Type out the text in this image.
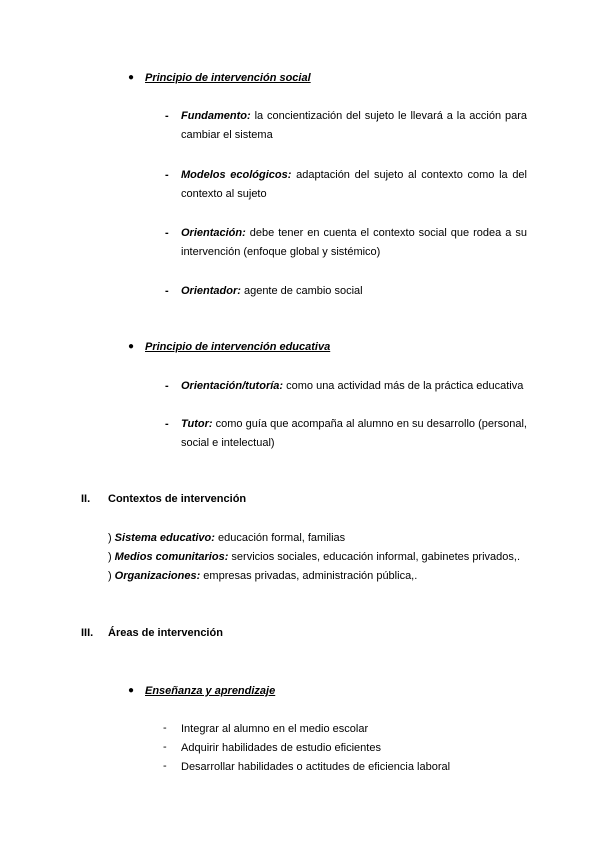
● Principio de intervención social
- Fundamento: la concientización del sujeto le llevará a la acción para cambiar el sistema
- Modelos ecológicos: adaptación del sujeto al contexto como la del contexto al sujeto
- Orientación: debe tener en cuenta el contexto social que rodea a su intervención (enfoque global y sistémico)
- Orientador: agente de cambio social
● Principio de intervención educativa
- Orientación/tutoría: como una actividad más de la práctica educativa
- Tutor: como guía que acompaña al alumno en su desarrollo (personal, social e intelectual)
II. Contextos de intervención
) Sistema educativo: educación formal, familias
) Medios comunitarios: servicios sociales, educación informal, gabinetes privados,.
) Organizaciones: empresas privadas, administración pública,.
III. Áreas de intervención
● Enseñanza y aprendizaje
- Integrar al alumno en el medio escolar
- Adquirir habilidades de estudio eficientes
- Desarrollar habilidades o actitudes de eficiencia laboral
